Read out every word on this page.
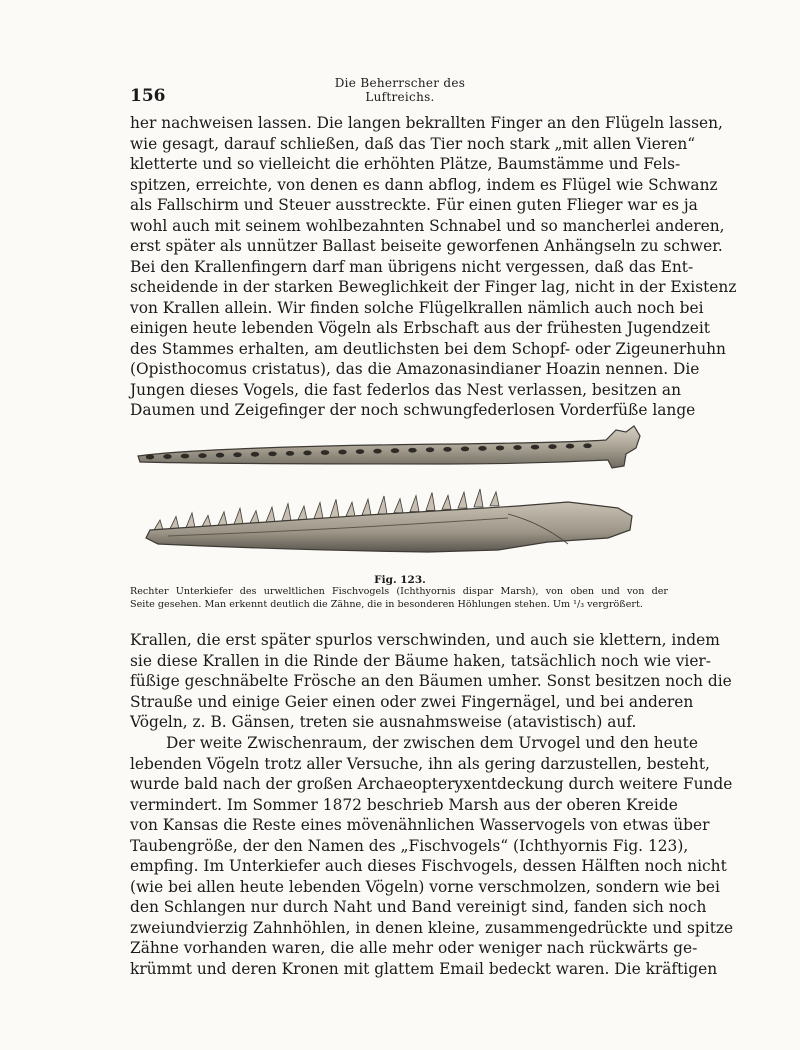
156
Die Beherrscher des Luftreichs.
her nachweisen lassen. Die langen bekrallten Finger an den Flügeln lassen,
wie gesagt, darauf schließen, daß das Tier noch stark „mit allen Vieren“
kletterte und so vielleicht die erhöhten Plätze, Baumstämme und Fels-
spitzen, erreichte, von denen es dann abflog, indem es Flügel wie Schwanz
als Fallschirm und Steuer ausstreckte. Für einen guten Flieger war es ja
wohl auch mit seinem wohlbezahnten Schnabel und so mancherlei anderen,
erst später als unnützer Ballast beiseite geworfenen Anhängseln zu schwer.
Bei den Krallenfingern darf man übrigens nicht vergessen, daß das Ent-
scheidende in der starken Beweglichkeit der Finger lag, nicht in der Existenz
von Krallen allein. Wir finden solche Flügelkrallen nämlich auch noch bei
einigen heute lebenden Vögeln als Erbschaft aus der frühesten Jugendzeit
des Stammes erhalten, am deutlichsten bei dem Schopf- oder Zigeunerhuhn
(Opisthocomus cristatus), das die Amazonasindianer Hoazin nennen. Die
Jungen dieses Vogels, die fast federlos das Nest verlassen, besitzen an
Daumen und Zeigefinger der noch schwungfederlosen Vorderfüße lange
Fig. 123.
Rechter Unterkiefer des urweltlichen Fischvogels (Ichthyornis dispar Marsh), von oben und von der
Seite gesehen. Man erkennt deutlich die Zähne, die in besonderen Höhlungen stehen. Um ¹/₃ vergrößert.
Krallen, die erst später spurlos verschwinden, und auch sie klettern, indem
sie diese Krallen in die Rinde der Bäume haken, tatsächlich noch wie vier-
füßige geschnäbelte Frösche an den Bäumen umher. Sonst besitzen noch die
Strauße und einige Geier einen oder zwei Fingernägel, und bei anderen
Vögeln, z. B. Gänsen, treten sie ausnahmsweise (atavistisch) auf.
Der weite Zwischenraum, der zwischen dem Urvogel und den heute
lebenden Vögeln trotz aller Versuche, ihn als gering darzustellen, besteht,
wurde bald nach der großen Archaeopteryxentdeckung durch weitere Funde
vermindert. Im Sommer 1872 beschrieb Marsh aus der oberen Kreide
von Kansas die Reste eines mövenähnlichen Wasservogels von etwas über
Taubengröße, der den Namen des „Fischvogels“ (Ichthyornis Fig. 123),
empfing. Im Unterkiefer auch dieses Fischvogels, dessen Hälften noch nicht
(wie bei allen heute lebenden Vögeln) vorne verschmolzen, sondern wie bei
den Schlangen nur durch Naht und Band vereinigt sind, fanden sich noch
zweiundvierzig Zahnhöhlen, in denen kleine, zusammengedrückte und spitze
Zähne vorhanden waren, die alle mehr oder weniger nach rückwärts ge-
krümmt und deren Kronen mit glattem Email bedeckt waren. Die kräftigen
